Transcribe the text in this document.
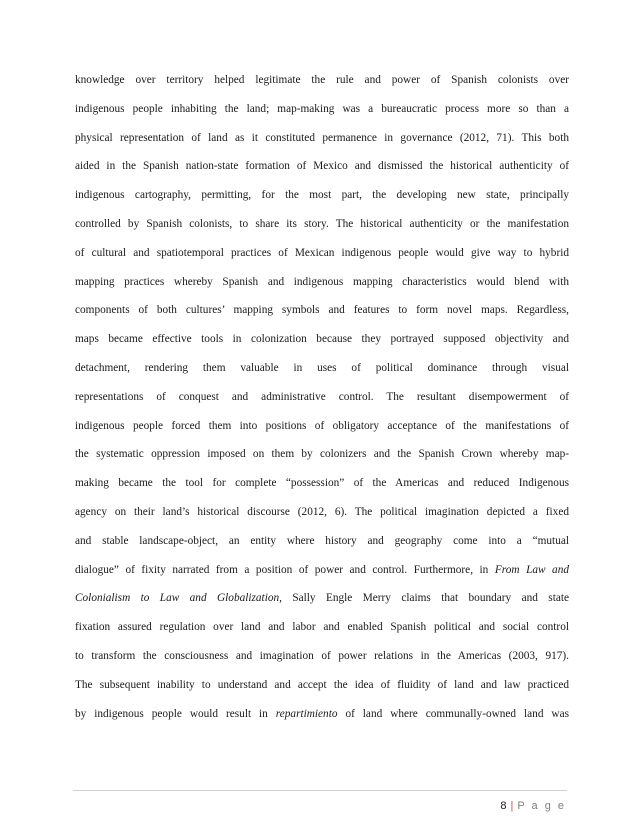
knowledge over territory helped legitimate the rule and power of Spanish colonists over
indigenous people inhabiting the land; map-making was a bureaucratic process more so than a
physical representation of land as it constituted permanence in governance (2012, 71). This both
aided in the Spanish nation-state formation of Mexico and dismissed the historical authenticity of
indigenous cartography, permitting, for the most part, the developing new state, principally
controlled by Spanish colonists, to share its story. The historical authenticity or the manifestation
of cultural and spatiotemporal practices of Mexican indigenous people would give way to hybrid
mapping practices whereby Spanish and indigenous mapping characteristics would blend with
components of both cultures’ mapping symbols and features to form novel maps. Regardless,
maps became effective tools in colonization because they portrayed supposed objectivity and
detachment, rendering them valuable in uses of political dominance through visual
representations of conquest and administrative control. The resultant disempowerment of
indigenous people forced them into positions of obligatory acceptance of the manifestations of
the systematic oppression imposed on them by colonizers and the Spanish Crown whereby map-
making became the tool for complete “possession” of the Americas and reduced Indigenous
agency on their land’s historical discourse (2012, 6). The political imagination depicted a fixed
and stable landscape-object, an entity where history and geography come into a “mutual
dialogue” of fixity narrated from a position of power and control. Furthermore, in From Law and
Colonialism to Law and Globalization, Sally Engle Merry claims that boundary and state
fixation assured regulation over land and labor and enabled Spanish political and social control
to transform the consciousness and imagination of power relations in the Americas (2003, 917).
The subsequent inability to understand and accept the idea of fluidity of land and law practiced
by indigenous people would result in repartimiento of land where communally-owned land was
8 | P a g e
